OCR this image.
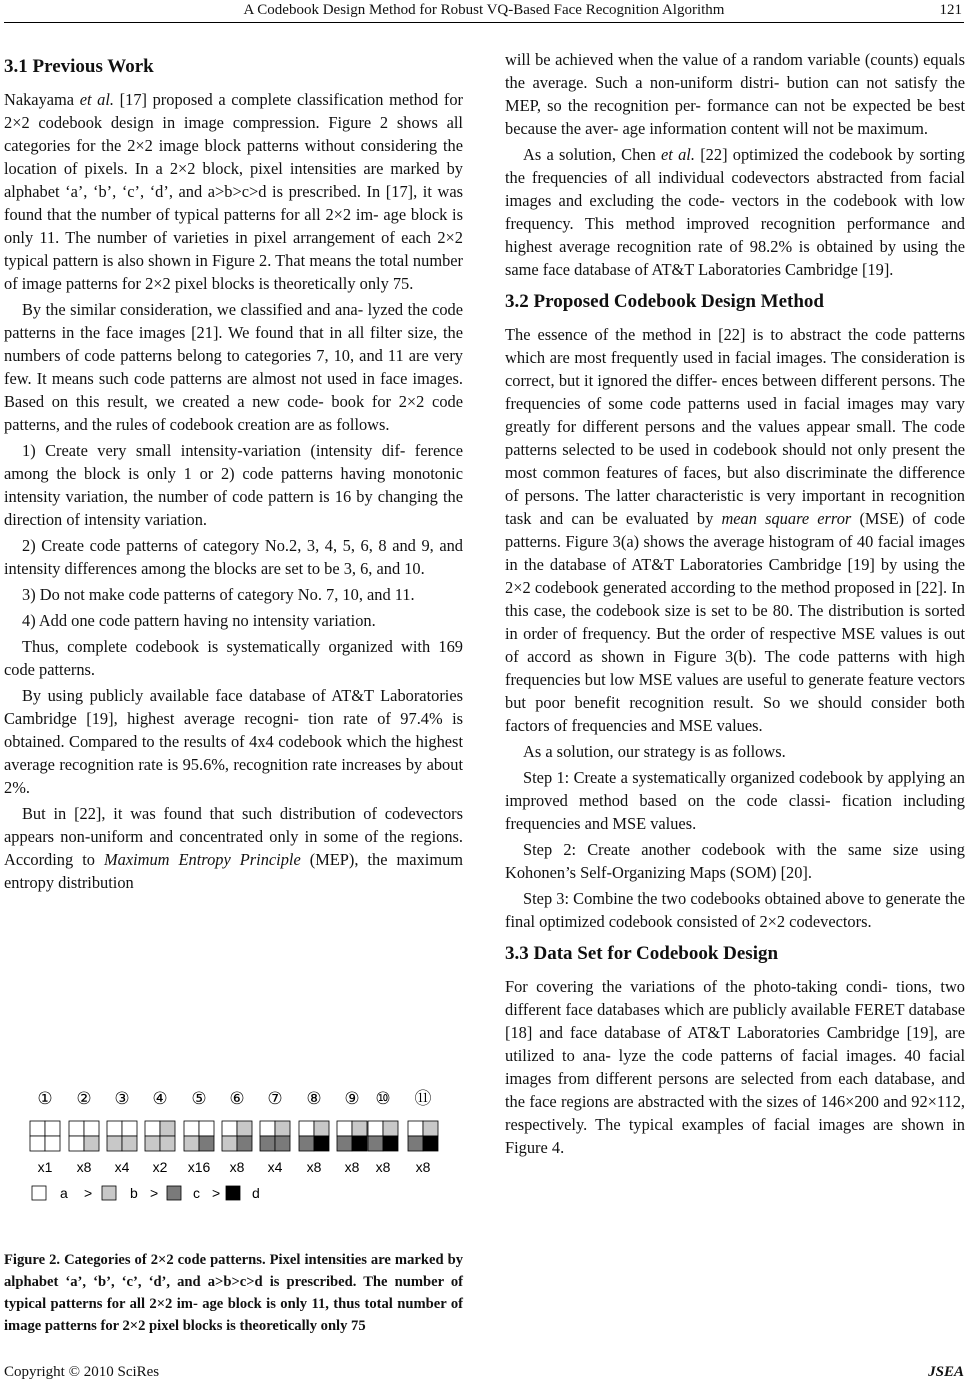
A Codebook Design Method for Robust VQ-Based Face Recognition Algorithm	121
3.1 Previous Work

Nakayama et al. [17] proposed a complete classification method for 2×2 codebook design in image compression. Figure 2 shows all categories for the 2×2 image block patterns without considering the location of pixels. In a 2×2 block, pixel intensities are marked by alphabet ‘a’, ‘b’, ‘c’, ‘d’, and a>b>c>d is prescribed. In [17], it was found that the number of typical patterns for all 2×2 im- age block is only 11. The number of varieties in pixel arrangement of each 2×2 typical pattern is also shown in Figure 2. That means the total number of image patterns for 2×2 pixel blocks is theoretically only 75.

By the similar consideration, we classified and ana- lyzed the code patterns in the face images [21]. We found that in all filter size, the numbers of code patterns belong to categories 7, 10, and 11 are very few. It means such code patterns are almost not used in face images. Based on this result, we created a new code- book for 2×2 code patterns, and the rules of codebook creation are as follows.

1) Create very small intensity-variation (intensity dif- ference among the block is only 1 or 2) code patterns having monotonic intensity variation, the number of code pattern is 16 by changing the direction of intensity variation.

2) Create code patterns of category No.2, 3, 4, 5, 6, 8 and 9, and intensity differences among the blocks are set to be 3, 6, and 10.

3) Do not make code patterns of category No. 7, 10, and 11.

4) Add one code pattern having no intensity variation.

Thus, complete codebook is systematically organized with 169 code patterns.

By using publicly available face database of AT&T Laboratories Cambridge [19], highest average recogni- tion rate of 97.4% is obtained. Compared to the results of 4x4 codebook which the highest average recognition rate is 95.6%, recognition rate increases by about 2%.

But in [22], it was found that such distribution of codevectors appears non-uniform and concentrated only in some of the regions. According to Maximum Entropy Principle (MEP), the maximum entropy distribution

①
x1
②
x8
③
x4
④
x2
⑤
x16
⑥
x8
⑦
x4
⑧
x8
⑨
x8
⑩
x8
⑪
x8
a >	b > c > d
Figure 2. Categories of 2×2 code patterns. Pixel intensities are marked by alphabet ‘a’, ‘b’, ‘c’, ‘d’, and a>b>c>d is prescribed. The number of typical patterns for all 2×2 im- age block is only 11, thus total number of image patterns for 2×2 pixel blocks is theoretically only 75

will be achieved when the value of a random variable (counts) equals the average. Such a non-uniform distri- bution can not satisfy the MEP, so the recognition per- formance can not be expected be best because the aver- age information content will not be maximum.

As a solution, Chen et al. [22] optimized the codebook by sorting the frequencies of all individual codevectors abstracted from facial images and excluding the code- vectors in the codebook with low frequency. This method improved recognition performance and highest average recognition rate of 98.2% is obtained by using the same face database of AT&T Laboratories Cambridge [19].

3.2 Proposed Codebook Design Method

The essence of the method in [22] is to abstract the code patterns which are most frequently used in facial images. The consideration is correct, but it ignored the differ- ences between different persons. The frequencies of some code patterns used in facial images may vary greatly for different persons and the values appear small. The code patterns selected to be used in codebook should not only present the most common features of faces, but also discriminate the difference of persons. The latter characteristic is very important in recognition task and can be evaluated by mean square error (MSE) of code patterns. Figure 3(a) shows the average histogram of 40 facial images in the database of AT&T Laboratories Cambridge [19] by using the 2×2 codebook generated according to the method proposed in [22]. In this case, the codebook size is set to be 80. The distribution is sorted in order of frequency. But the order of respective MSE values is out of accord as shown in Figure 3(b). The code patterns with high frequencies but low MSE values are useful to generate feature vectors but poor benefit recognition result. So we should consider both factors of frequencies and MSE values.

As a solution, our strategy is as follows.

Step 1: Create a systematically organized codebook by applying an improved method based on the code classi- fication including frequencies and MSE values.

Step 2: Create another codebook with the same size using Kohonen’s Self-Organizing Maps (SOM) [20].

Step 3: Combine the two codebooks obtained above to generate the final optimized codebook consisted of 2×2 codevectors.

3.3 Data Set for Codebook Design

For covering the variations of the photo-taking condi- tions, two different face databases which are publicly available FERET database [18] and face database of AT&T Laboratories Cambridge [19], are utilized to ana- lyze the code patterns of facial images. 40 facial images from different persons are selected from each database, and the face regions are abstracted with the sizes of 146×200 and 92×112, respectively. The typical examples of facial images are shown in Figure 4.

Copyright © 2010 SciRes	JSEA
